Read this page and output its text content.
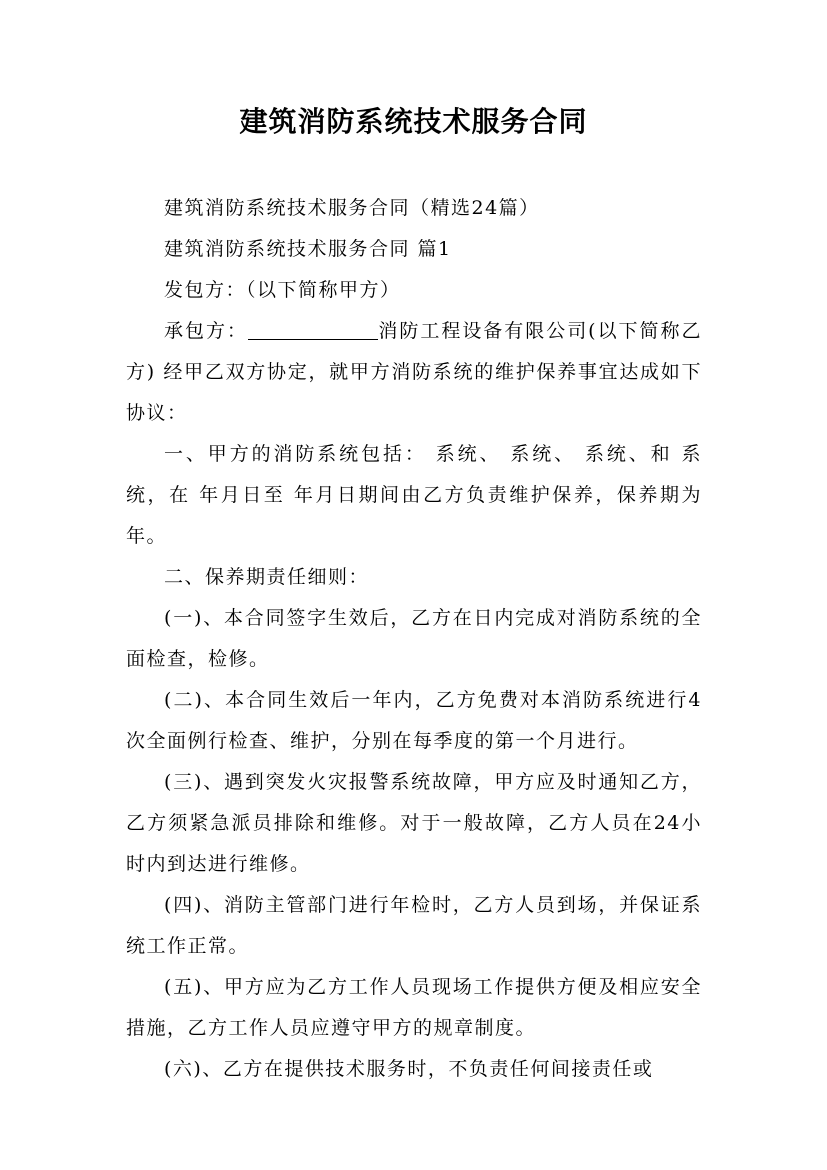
建筑消防系统技术服务合同

建筑消防系统技术服务合同（精选24篇）

建筑消防系统技术服务合同 篇1

发包方：（以下简称甲方）

承包方：	消防工程设备有限公司(以下简称乙方) 经甲乙双方协定，就甲方消防系统的维护保养事宜达成如下协议：

一、甲方的消防系统包括： 系统、 系统、 系统、和 系统，在 年月日至 年月日期间由乙方负责维护保养，保养期为 年。

二、保养期责任细则：

(一)、本合同签字生效后，乙方在日内完成对消防系统的全面检查，检修。

(二)、本合同生效后一年内，乙方免费对本消防系统进行4次全面例行检查、维护，分别在每季度的第一个月进行。

(三)、遇到突发火灾报警系统故障，甲方应及时通知乙方，乙方须紧急派员排除和维修。对于一般故障，乙方人员在24小时内到达进行维修。

(四)、消防主管部门进行年检时，乙方人员到场，并保证系统工作正常。

(五)、甲方应为乙方工作人员现场工作提供方便及相应安全措施，乙方工作人员应遵守甲方的规章制度。

(六)、乙方在提供技术服务时，不负责任何间接责任或
